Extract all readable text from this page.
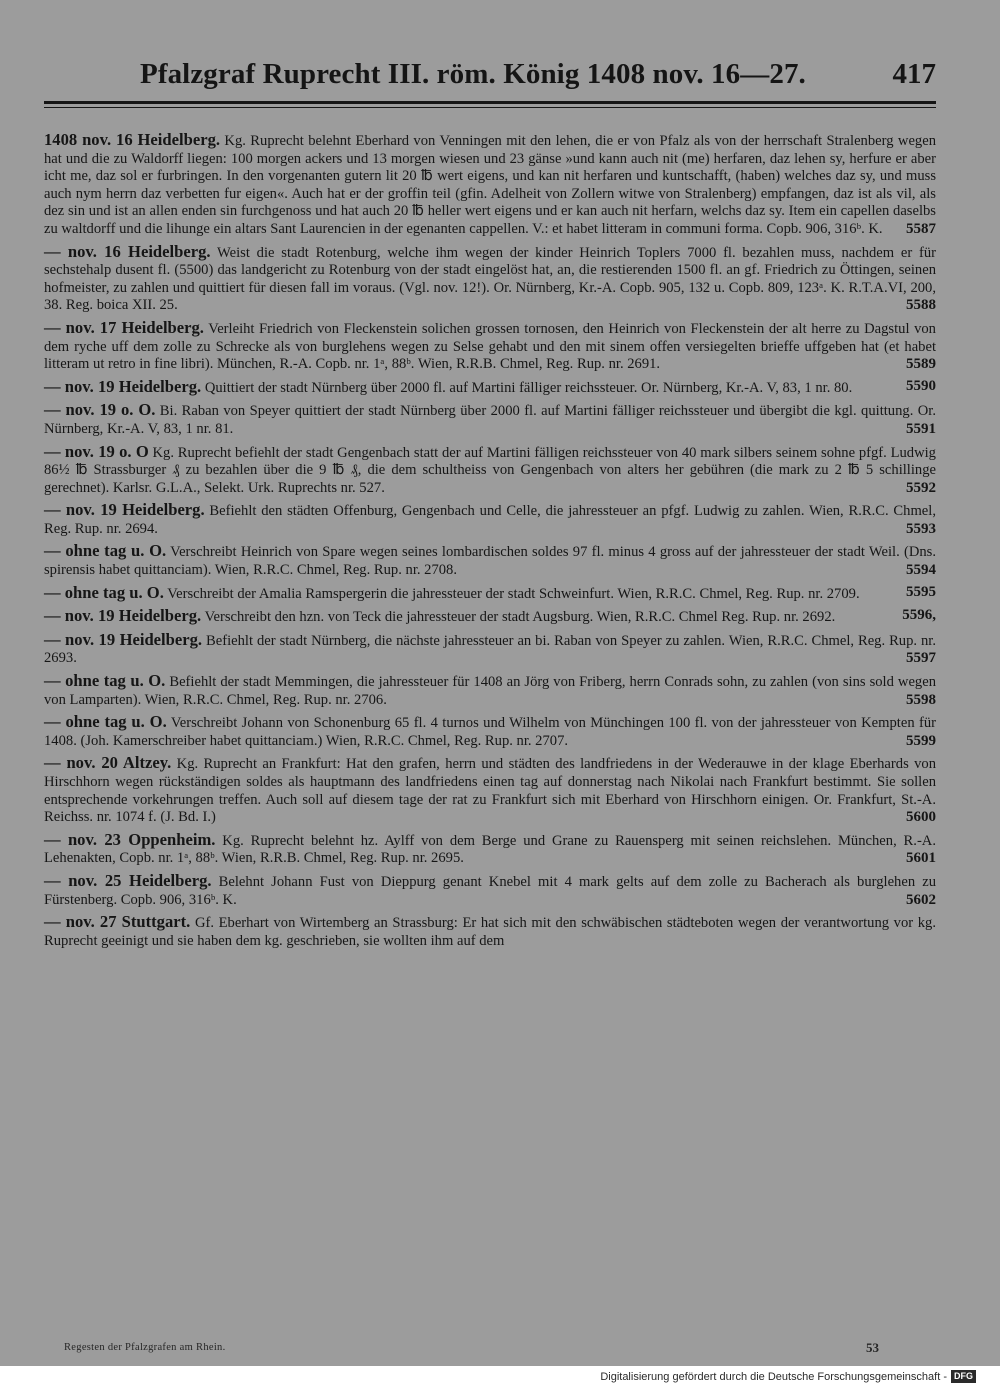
Pfalzgraf Ruprecht III. röm. König 1408 nov. 16—27.	417
1408 nov. 16 Heidelberg. Kg. Ruprecht belehnt Eberhard von Venningen mit den lehen, die er von Pfalz als von der herrschaft Stralenberg wegen hat und die zu Waldorff liegen: 100 morgen ackers und 13 morgen wiesen und 23 gänse »und kann auch nit (me) herfaren, daz lehen sy, herfure er aber icht me, daz sol er furbringen. In den vorgenanten gutern lit 20 ℔ wert eigens, und kan nit herfaren und kuntschafft, (haben) welches daz sy, und muss auch nym herrn daz verbetten fur eigen«. Auch hat er der groffin teil (gfin. Adelheit von Zollern witwe von Stralenberg) empfangen, daz ist als vil, als dez sin und ist an allen enden sin furchgenoss und hat auch 20 ℔ heller wert eigens und er kan auch nit herfarn, welchs daz sy. Item ein capellen daselbs zu waltdorff und die lihunge ein altars Sant Laurencien in der egenanten cappellen. V.: et habet litteram in communi forma. Copb. 906, 316ᵇ. K. 5587
— nov. 16 Heidelberg. Weist die stadt Rotenburg, welche ihm wegen der kinder Heinrich Toplers 7000 fl. bezahlen muss, nachdem er für sechstehalp dusent fl. (5500) das landgericht zu Rotenburg von der stadt eingelöst hat, an, die restierenden 1500 fl. an gf. Friedrich zu Öttingen, seinen hofmeister, zu zahlen und quittiert für diesen fall im voraus. (Vgl. nov. 12!). Or. Nürnberg, Kr.-A. Copb. 905, 132 u. Copb. 809, 123ᵃ. K. R.T.A.VI, 200, 38. Reg. boica XII. 25.	5588
— nov. 17 Heidelberg. Verleiht Friedrich von Fleckenstein solichen grossen tornosen, den Heinrich von Fleckenstein der alt herre zu Dagstul von dem ryche uff dem zolle zu Schrecke als von burglehens wegen zu Selse gehabt und den mit sinem offen versiegelten brieffe uffgeben hat (et habet litteram ut retro in fine libri). München, R.-A. Copb. nr. 1ᵃ, 88ᵇ. Wien, R.R.B. Chmel, Reg. Rup. nr. 2691.	5589
— nov. 19 Heidelberg. Quittiert der stadt Nürnberg über 2000 fl. auf Martini fälliger reichssteuer. Or. Nürnberg, Kr.-A. V, 83, 1 nr. 80.	5590
— nov. 19 o. O. Bi. Raban von Speyer quittiert der stadt Nürnberg über 2000 fl. auf Martini fälliger reichssteuer und übergibt die kgl. quittung. Or. Nürnberg, Kr.-A. V, 83, 1 nr. 81.	5591
— nov. 19 o. O Kg. Ruprecht befiehlt der stadt Gengenbach statt der auf Martini fälligen reichssteuer von 40 mark silbers seinem sohne pfgf. Ludwig 86½ ℔ Strassburger ₰ zu bezahlen über die 9 ℔ ₰, die dem schultheiss von Gengenbach von alters her gebühren (die mark zu 2 ℔ 5 schillinge gerechnet). Karlsr. G.L.A., Selekt. Urk. Ruprechts nr. 527.	5592
— nov. 19 Heidelberg. Befiehlt den städten Offenburg, Gengenbach und Celle, die jahressteuer an pfgf. Ludwig zu zahlen. Wien, R.R.C. Chmel, Reg. Rup. nr. 2694.	5593
— ohne tag u. O. Verschreibt Heinrich von Spare wegen seines lombardischen soldes 97 fl. minus 4 gross auf der jahressteuer der stadt Weil. (Dns. spirensis habet quittanciam). Wien, R.R.C. Chmel, Reg. Rup. nr. 2708.	5594
— ohne tag u. O. Verschreibt der Amalia Ramspergerin die jahressteuer der stadt Schweinfurt. Wien, R.R.C. Chmel, Reg. Rup. nr. 2709.	5595
— nov. 19 Heidelberg. Verschreibt den hzn. von Teck die jahressteuer der stadt Augsburg. Wien, R.R.C. Chmel Reg. Rup. nr. 2692.	5596,
— nov. 19 Heidelberg. Befiehlt der stadt Nürnberg, die nächste jahressteuer an bi. Raban von Speyer zu zahlen. Wien, R.R.C. Chmel, Reg. Rup. nr. 2693.	5597
— ohne tag u. O. Befiehlt der stadt Memmingen, die jahressteuer für 1408 an Jörg von Friberg, herrn Conrads sohn, zu zahlen (von sins sold wegen von Lamparten). Wien, R.R.C. Chmel, Reg. Rup. nr. 2706.	5598
— ohne tag u. O. Verschreibt Johann von Schonenburg 65 fl. 4 turnos und Wilhelm von Münchingen 100 fl. von der jahressteuer von Kempten für 1408. (Joh. Kamerschreiber habet quittanciam.) Wien, R.R.C. Chmel, Reg. Rup. nr. 2707.	5599
— nov. 20 Altzey. Kg. Ruprecht an Frankfurt: Hat den grafen, herrn und städten des landfriedens in der Wederauwe in der klage Eberhards von Hirschhorn wegen rückständigen soldes als hauptmann des landfriedens einen tag auf donnerstag nach Nikolai nach Frankfurt bestimmt. Sie sollen entsprechende vorkehrungen treffen. Auch soll auf diesem tage der rat zu Frankfurt sich mit Eberhard von Hirschhorn einigen. Or. Frankfurt, St.-A. Reichss. nr. 1074 f. (J. Bd. I.)	5600
— nov. 23 Oppenheim. Kg. Ruprecht belehnt hz. Aylff von dem Berge und Grane zu Rauensperg mit seinen reichslehen. München, R.-A. Lehenakten, Copb. nr. 1ᵃ, 88ᵇ. Wien, R.R.B. Chmel, Reg. Rup. nr. 2695.	5601
— nov. 25 Heidelberg. Belehnt Johann Fust von Dieppurg genant Knebel mit 4 mark gelts auf dem zolle zu Bacherach als burglehen zu Fürstenberg. Copb. 906, 316ᵇ. K.	5602
— nov. 27 Stuttgart. Gf. Eberhart von Wirtemberg an Strassburg: Er hat sich mit den schwäbischen städteboten wegen der verantwortung vor kg. Ruprecht geeinigt und sie haben dem kg. geschrieben, sie wollten ihm auf dem
Regesten der Pfalzgrafen am Rhein.	53
Digitalisierung gefördert durch die Deutsche Forschungsgemeinschaft - DFG
